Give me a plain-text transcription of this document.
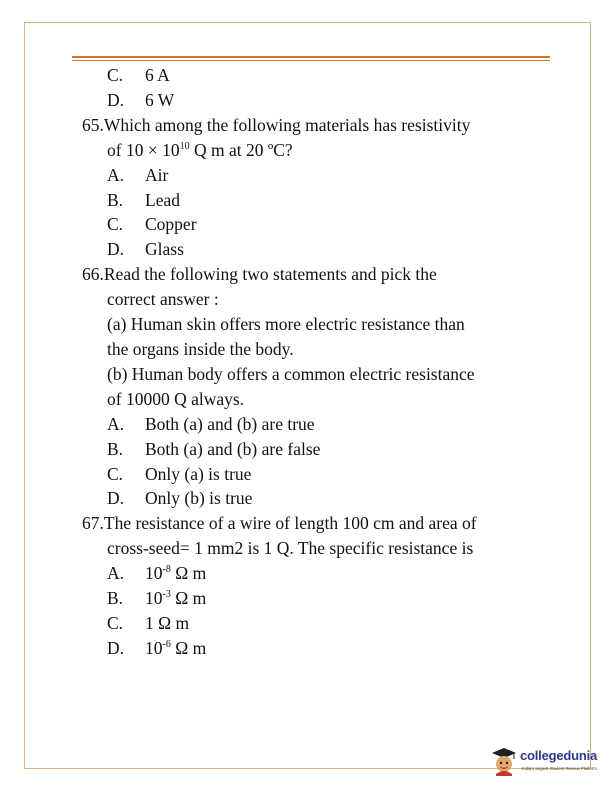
C. 6 A
D. 6 W
65.Which among the following materials has resistivity
of $10 \times 10^{10}$ Q m at 20 ºC?
A. Air
B. Lead
C. Copper
D. Glass
66.Read the following two statements and pick the
correct answer :
(a) Human skin offers more electric resistance than
the organs inside the body.
(b) Human body offers a common electric resistance
of 10000 Q always.
A. Both (a) and (b) are true
B. Both (a) and (b) are false
C. Only (a) is true
D. Only (b) is true
67.The resistance of a wire of length 100 cm and area of
cross-seed= 1 mm2 is 1 Q. The specific resistance is
A. $10^{-8}$ Ω m
B. $10^{-3}$ Ω m
C. 1 Ω m
D. $10^{-6}$ Ω m
collegedunia
India's largest Student Review Platform
